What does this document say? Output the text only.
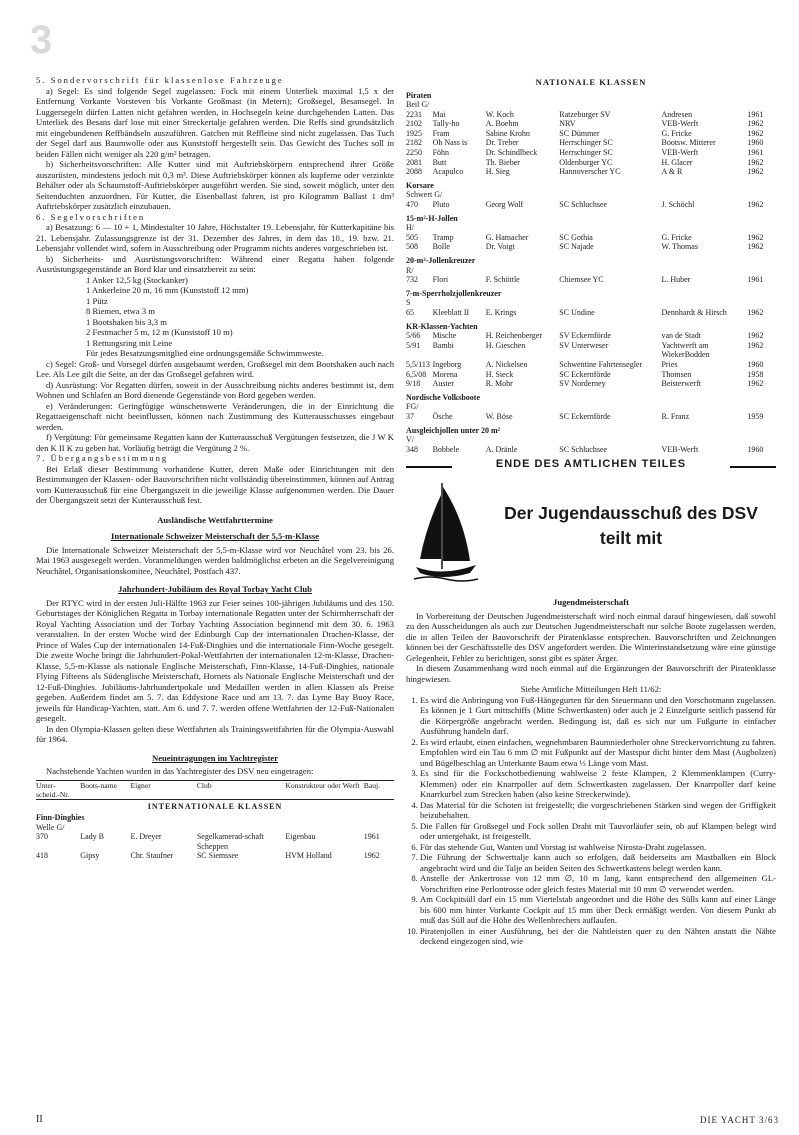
3

5. Sondervorschrift für klassenlose Fahrzeuge

a) Segel: Es sind folgende Segel zugelassen: Fock mit einem Unterliek maximal 1,5 x der Entfernung Vorkante Vorsteven bis Vorkante Großmast (in Metern); Großsegel, Besansegel. In Luggersegeln dürfen Latten nicht gefahren werden, in Hochsegeln keine durchgehenden Latten. Das Unterliek des Besans darf lose mit einer Streckertalje gefahren werden. Die Reffs sind grundsätzlich mit eingebundenen Reffbändseln auszuführen. Gatchen mit Reffleine sind nicht zugelassen. Das Tuch der Segel darf aus Baumwolle oder aus Kunststoff hergestellt sein. Das Gewicht des Tuches soll in beiden Fällen nicht weniger als 220 g/m² betragen.

b) Sicherheitsvorschriften: Alle Kutter sind mit Auftriebskörpern entsprechend ihrer Größe auszurüsten, mindestens jedoch mit 0,3 m³. Diese Auftriebskörper können als kupferne oder verzinkte Behälter oder als Schaumstoff-Auftriebskörper ausgeführt werden. Sie sind, soweit möglich, unter den Seitenduchten anzuordnen. Für Kutter, die Eisenballast fahren, ist pro Kilogramm Ballast 1 dm³ Auftriebskörper zusätzlich einzubauen.

6. Segelvorschriften

a) Besatzung: 6 — 10 + 1, Mindestalter 10 Jahre, Höchstalter 19. Lebensjahr, für Kutterkapitäne bis 21. Lebensjahr. Zulassungsgrenze ist der 31. Dezember des Jahres, in dem das 10., 19. bzw. 21. Lebensjahr vollendet wird, sofern in Ausschreibung oder Programm nichts anderes vorgeschrieben ist.

b) Sicherheits- und Ausrüstungsvorschriften: Während einer Regatta haben folgende Ausrüstungsgegenstände an Bord klar und einsatzbereit zu sein:

1 Anker 12,5 kg (Stockanker)
1 Ankerleine 20 m, 16 mm (Kunststoff 12 mm)
1 Pütz
8 Riemen, etwa 3 m
1 Bootshaken bis 3,3 m
2 Festmacher 5 m, 12 m (Kunststoff 10 m)
1 Rettungsring mit Leine
Für jedes Besatzungsmitglied eine ordnungsgemäße Schwimmweste.

c) Segel: Groß- und Vorsegel dürfen ausgebaumt werden, Großsegel mit dem Bootshaken auch nach Lee. Als Lee gilt die Seite, an der das Großsegel gefahren wird.

d) Ausrüstung: Vor Regatten dürfen, soweit in der Ausschreibung nichts anderes bestimmt ist, dem Wohnen und Schlafen an Bord dienende Gegenstände von Bord gegeben werden.

e) Veränderungen: Geringfügige wünschenswerte Veränderungen, die in der Einrichtung die Regattaeigenschaft nicht beeinflussen, können nach Zustimmung des Kutterausschusses eingebaut werden.

f) Vergütung: Für gemeinsame Regatten kann der Kutterausschuß Vergütungen festsetzen, die J W K den K II K zu geben hat. Vorläufig beträgt die Vergütung 2 %.

7. Übergangsbestimmung

Bei Erlaß dieser Bestimmung vorhandene Kutter, deren Maße oder Einrichtungen mit den Bestimmungen der Klassen- oder Bauvorschriften nicht vollständig übereinstimmen, können auf Antrag vom Kutterausschuß für eine Übergangszeit in die jeweilige Klasse aufgenommen werden. Die Dauer der Übergangszeit setzt der Kutterausschuß fest.

Ausländische Wettfahrttermine

Internationale Schweizer Meisterschaft der 5,5-m-Klasse

Die Internationale Schweizer Meisterschaft der 5,5-m-Klasse wird vor Neuchâtel vom 23. bis 26. Mai 1963 ausgesegelt werden. Voranmeldungen werden baldmöglichst erbeten an die Segelvereinigung Neuchâtel, Organisationskomitee, Neuchâtel, Postfach 437.

Jahrhundert-Jubiläum des Royal Torbay Yacht Club

Der RTYC wird in der ersten Juli-Hälfte 1963 zur Feier seines 100-jährigen Jubiläums und des 150. Geburtstages der Königlichen Regatta in Torbay internationale Regatten unter der Schirmherrschaft der Royal Yachting Association und der Torbay Yachting Association beginnend mit dem 30. 6. 1963 veranstalten. In der ersten Woche wird der Edinburgh Cup der internationalen Drachen-Klasse, der Prince of Wales Cup der internationalen 14-Fuß-Dinghies und die internationale Finn-Woche gesegelt. Die zweite Woche bringt die Jahrhundert-Pokal-Wettfahrten der internationalen 12-m-Klasse, Drachen-Klasse, 5,5-m-Klasse als nationale Englische Meisterschaft, Finn-Klasse, 14-Fuß-Dinghies, nationale Flying Fifteens als Südenglische Meisterschaft, Hornets als Nationale Englische Meisterschaft und der 12-Fuß-Dinghies. Jubiläums-Jahrhundertpokale und Medaillen werden in allen Klassen als Preise gegeben. Außerdem findet am 5. 7. das Eddystone Race und am 13. 7. das Lyme Bay Buoy Race, jeweils für Handicap-Yachten, statt. Am 6. und 7. 7. werden offene Wettfahrten der 12-Fuß-Nationalen gesegelt.

In den Olympia-Klassen gelten diese Wettfahrten als Trainingswettfahrten für die Olympia-Auswahl für 1964.

Neueintragungen im Yachtregister

Nachstehende Yachten wurden in das Yachtregister des DSV neu eingetragen:

Unter-scheid.-Nr.	Boots-name	Eigner	Club	Konstrukteur oder Werft	Bauj.
INTERNATIONALE KLASSEN					
Finn-Dinghies					
Welle G/					
370	Lady B	E. Dreyer	Segelkamerad-schaft Scheppen	Eigenbau	1961
418	Gipsy	Chr. Staufner	SC Siemssee	HVM Holland	1962

NATIONALE KLASSEN

Piraten					
Beil G/					
2231	Mai	W. Koch	Ratzeburger SV	Andresen	1961
2102	Tally-ho	A. Boehm	NRV	VEB-Werft	1962
1925	Fram	Sabine Krohn	SC Dümmer	G. Fricke	1962
2182	Oh Nass is	Dr. Treber	Herrschinger SC	Bootsw. Mitterer	1960
2250	Föhn	Dr. Schindlbeck	Herrschinger SC	VEB-Werft	1961
2081	Butt	Th. Bieber	Oldenburger YC	H. Glacer	1962
2088	Acapulco	H. Sieg	Hannoverscher YC	A & R	1962
Korsare					
Schwert G/					
470	Pluto	Georg Wolf	SC Schluchsee	J. Schöchl	1962
15-m²-H-Jollen					
H/					
505	Tramp	G. Hamacher	SC Gothia	G. Fricke	1962
508	Bolle	Dr. Voigt	SC Najade	W. Thomas	1962
20-m²-Jollenkreuzer					
R/					
732	Flori	F. Schöttle	Chiemsee YC	L. Huber	1961
7-m-Sperrholzjollenkreuzer					
S					
65	Kleeblatt II	E. Krings	SC Undine	Dennhardt & Hirsch	1962
KR-Klassen-Yachten					
5/66	Mische	H. Reichenberger	SV Eckernförde	van de Stadt	1962
5/91	Bambi	H. Gieschen	SV Unterweser	Yachtwerft am WiekerBodden	1962
5,5/113	Ingeborg	A. Nickelsen	Schwentine Fahrtensegler	Pries	1960
6,5/08	Morena	H. Sieck	SC Eckernförde	Thomsen	1958
9/18	Auster	R. Mohr	SV Norderney	Beisterwerft	1962
Nordische Volksboote					
FG/					
37	Ösche	W. Böse	SC Eckernförde	R. Franz	1959
Ausgleichjollen unter 20 m²					
V/					
348	Bobbele	A. Dränle	SC Schluchsee	VEB-Werft	1960
ENDE DES AMTLICHEN TEILES
Der Jugendausschuß des DSV
teilt mit

Jugendmeisterschaft

In Vorbereitung der Deutschen Jugendmeisterschaft wird noch einmal darauf hingewiesen, daß sowohl zu den Ausscheidungen als auch zur Deutschen Jugendmeisterschaft nur solche Boote zugelassen werden, die in allen Teilen der Bauvorschrift der Piratenklasse entsprechen. Bauvorschriften und Zeichnungen können bei der Geschäftsstelle des DSV angefordert werden. Die Winterinstandsetzung wäre eine günstige Gelegenheit, Fehler zu berichtigen, sonst gibt es später Ärger.

In diesem Zusammenhang wird noch einmal auf die Ergänzungen der Bauvorschrift der Piratenklasse hingewiesen.

Siehe Amtliche Mitteilungen Heft 11/62:

1. Es wird die Anbringung von Fuß-Hängegurten für den Steuermann und den Vorschotmann zugelassen. Es können je 1 Gurt mittschiffs (Mitte Schwertkasten) oder auch je 2 Einzelgurte seitlich passend für die Körpergröße angebracht werden. Bedingung ist, daß es sich nur um Fußgurte in einfacher Ausführung handeln darf.
2. Es wird erlaubt, einen einfachen, wegnehmbaren Baumniederholer ohne Streckervorrichtung zu fahren. Empfohlen wird ein Tau 6 mm ∅ mit Fußpunkt auf der Mastspur dicht hinter dem Mast (Augbolzen) und Bügelbeschlag an Unterkante Baum etwa ⅓ Länge vom Mast.
3. Es sind für die Fockschotbedienung wahlweise 2 feste Klampen, 2 Klemmenklampen (Curry-Klemmen) oder ein Knarrpoller auf dem Schwertkasten zugelassen. Der Knarrpoller darf keine Knarrkurbel zum Strecken haben (also keine Streckerwinde).
4. Das Material für die Schoten ist freigestellt; die vorgeschriebenen Stärken sind wegen der Griffigkeit beizubehalten.
5. Die Fallen für Großsegel und Fock sollen Draht mit Tauvorläufer sein, ob auf Klampen belegt wird oder untergehakt, ist freigestellt.
6. Für das stehende Gut, Wanten und Vorstag ist wahlweise Nirosta-Draht zugelassen.
7. Die Führung der Schwerttalje kann auch so erfolgen, daß beiderseits am Mastbalken ein Block angebracht wird und die Talje an beiden Seiten des Schwertkastens belegt werden kann.
8. Anstelle der Ankertrosse von 12 mm ∅, 10 m lang, kann entsprechend den allgemeinen GL-Vorschriften eine Perlontrosse oder gleich festes Material mit 10 mm ∅ verwendet werden.
9. Am Cockpitsüll darf ein 15 mm Viertelstab angeordnet und die Höhe des Sülls kann auf einer Länge bis 600 mm hinter Vorkante Cockpit auf 15 mm über Deck ermäßigt werden. Von diesem Punkt ab muß das Süll auf die Höhe des Wellenbrechers auflaufen.
10. Piratenjollen in einer Ausführung, bei der die Nahtleisten quer zu den Nähten anstatt die Nähte deckend eingezogen sind, wie
II	DIE YACHT 3/63
